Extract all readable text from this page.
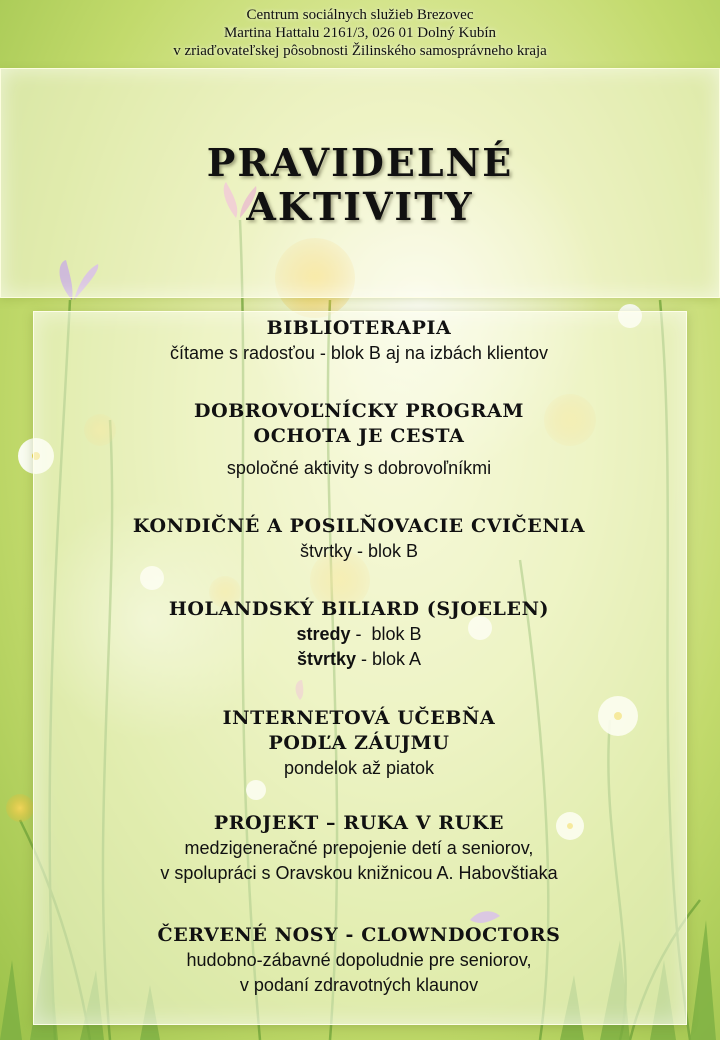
Centrum sociálnych služieb Brezovec
Martina Hattalu 2161/3, 026 01 Dolný Kubín
v zriaďovateľskej pôsobnosti Žilinského samosprávneho kraja
PRAVIDELNÉ
AKTIVITY
BIBLIOTERAPIA
čítame s radosťou - blok B aj na izbách klientov
DOBROVOĽNÍCKY PROGRAM
OCHOTA JE CESTA
spoločné aktivity s dobrovoľníkmi
KONDIČNÉ A POSILŇOVACIE CVIČENIA
štvrtky - blok B
HOLANDSKÝ BILIARD (SJOELEN)
stredy -  blok B
štvrtky - blok A
INTERNETOVÁ UČEBŇA
PODĽA ZÁUJMU
pondelok až piatok
PROJEKT – RUKA V RUKE
medzigeneračné prepojenie detí a seniorov,
v spolupráci s Oravskou knižnicou A. Habovštiaka
ČERVENÉ NOSY - CLOWNDOCTORS
hudobno-zábavné dopoludnie pre seniorov,
v podaní zdravotných klaunov
